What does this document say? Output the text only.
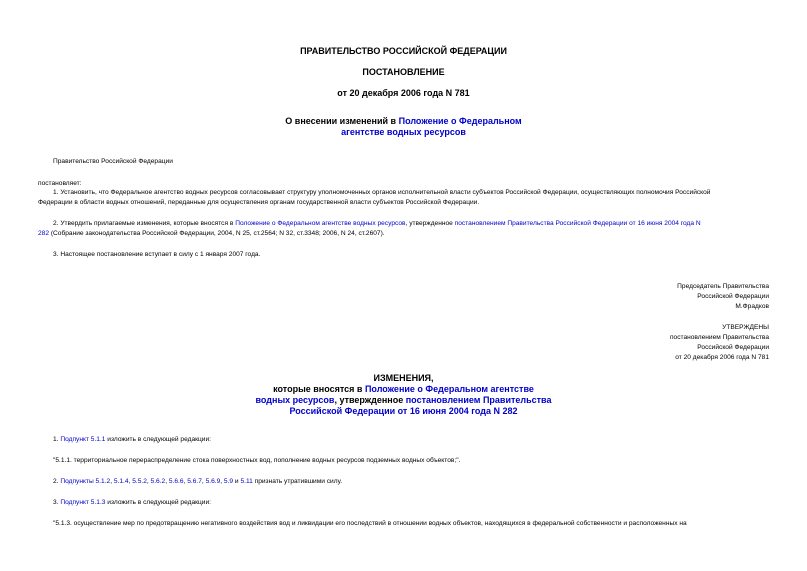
ПРАВИТЕЛЬСТВО РОССИЙСКОЙ ФЕДЕРАЦИИ
ПОСТАНОВЛЕНИЕ
от 20 декабря 2006 года N 781
О внесении изменений в Положение о Федеральном
агентстве водных ресурсов
Правительство Российской Федерации
постановляет:
1. Установить, что Федеральное агентство водных ресурсов согласовывает структуру уполномоченных органов исполнительной власти субъектов Российской Федерации, осуществляющих полномочия Российской
Федерации в области водных отношений, переданные для осуществления органам государственной власти субъектов Российской Федерации.
2. Утвердить прилагаемые изменения, которые вносятся в Положение о Федеральном агентстве водных ресурсов, утвержденное постановлением Правительства Российской Федерации от 16 июня 2004 года N
282 (Собрание законодательства Российской Федерации, 2004, N 25, ст.2564; N 32, ст.3348; 2006, N 24, ст.2607).
3. Настоящее постановление вступает в силу с 1 января 2007 года.
Председатель Правительства
Российской Федерации
М.Фрадков
УТВЕРЖДЕНЫ
постановлением Правительства
Российской Федерации
от 20 декабря 2006 года N 781
ИЗМЕНЕНИЯ,
которые вносятся в Положение о Федеральном агентстве
водных ресурсов, утвержденное постановлением Правительства
Российской Федерации от 16 июня 2004 года N 282
1. Подпункт 5.1.1 изложить в следующей редакции:
"5.1.1. территориальное перераспределение стока поверхностных вод, пополнение водных ресурсов подземных водных объектов;".
2. Подпункты 5.1.2, 5.1.4, 5.5.2, 5.6.2, 5.6.6, 5.6.7, 5.6.9, 5.9 и 5.11 признать утратившими силу.
3. Подпункт 5.1.3 изложить в следующей редакции:
"5.1.3. осуществление мер по предотвращению негативного воздействия вод и ликвидации его последствий в отношении водных объектов, находящихся в федеральной собственности и расположенных на
